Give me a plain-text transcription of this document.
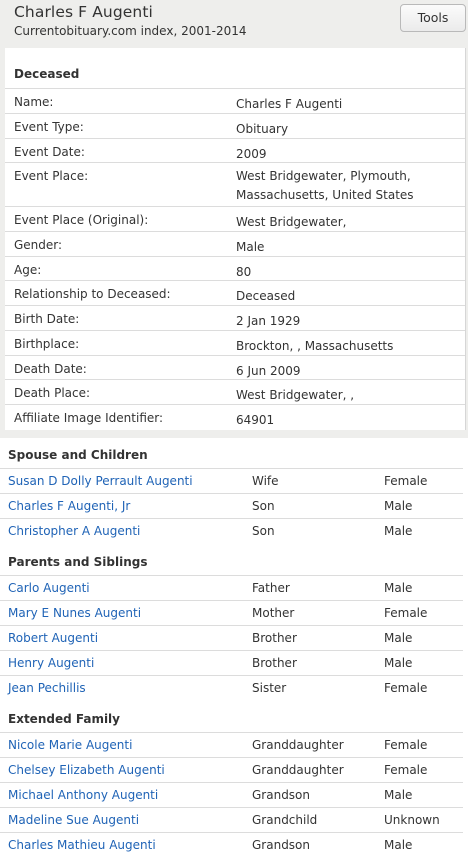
Charles F Augenti
Currentobituary.com index, 2001-2014
Tools
Deceased
Name:	Charles F Augenti
Event Type:	Obituary
Event Date:	2009
Event Place:	West Bridgewater, Plymouth, Massachusetts, United States
Event Place (Original):	West Bridgewater,
Gender:	Male
Age:	80
Relationship to Deceased:	Deceased
Birth Date:	2 Jan 1929
Birthplace:	Brockton, , Massachusetts
Death Date:	6 Jun 2009
Death Place:	West Bridgewater, ,
Affiliate Image Identifier:	64901
Spouse and Children
Susan D Dolly Perrault Augenti	Wife	Female
Charles F Augenti, Jr	Son	Male
Christopher A Augenti	Son	Male
Parents and Siblings
Carlo Augenti	Father	Male
Mary E Nunes Augenti	Mother	Female
Robert Augenti	Brother	Male
Henry Augenti	Brother	Male
Jean Pechillis	Sister	Female
Extended Family
Nicole Marie Augenti	Granddaughter	Female
Chelsey Elizabeth Augenti	Granddaughter	Female
Michael Anthony Augenti	Grandson	Male
Madeline Sue Augenti	Grandchild	Unknown
Charles Mathieu Augenti	Grandson	Male
